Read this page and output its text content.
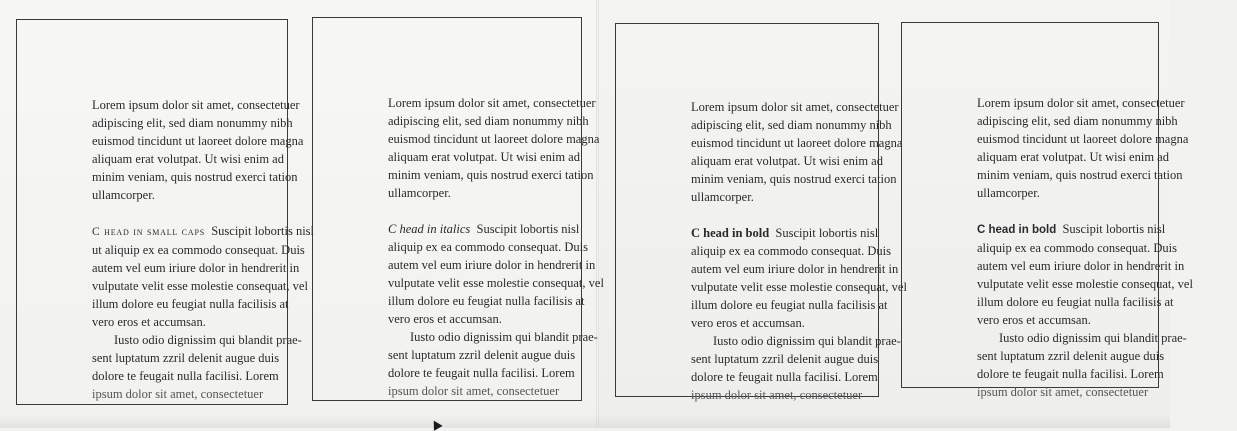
Lorem ipsum dolor sit amet, consectetuer

adipiscing elit, sed diam nonummy nibh

euismod tincidunt ut laoreet dolore magna

aliquam erat volutpat. Ut wisi enim ad

minim veniam, quis nostrud exerci tation

ullamcorper.

C head in small caps Suscipit lobortis nisl

ut aliquip ex ea commodo consequat. Duis

autem vel eum iriure dolor in hendrerit in

vulputate velit esse molestie consequat, vel

illum dolore eu feugiat nulla facilisis at

vero eros et accumsan.

Iusto odio dignissim qui blandit prae-

sent luptatum zzril delenit augue duis

dolore te feugait nulla facilisi. Lorem

ipsum dolor sit amet, consectetuer

Lorem ipsum dolor sit amet, consectetuer

adipiscing elit, sed diam nonummy nibh

euismod tincidunt ut laoreet dolore magna

aliquam erat volutpat. Ut wisi enim ad

minim veniam, quis nostrud exerci tation

ullamcorper.

C head in italics Suscipit lobortis nisl

aliquip ex ea commodo consequat. Duis

autem vel eum iriure dolor in hendrerit in

vulputate velit esse molestie consequat, vel

illum dolore eu feugiat nulla facilisis at

vero eros et accumsan.

Iusto odio dignissim qui blandit prae-

sent luptatum zzril delenit augue duis

dolore te feugait nulla facilisi. Lorem

ipsum dolor sit amet, consectetuer

Lorem ipsum dolor sit amet, consectetuer

adipiscing elit, sed diam nonummy nibh

euismod tincidunt ut laoreet dolore magna

aliquam erat volutpat. Ut wisi enim ad

minim veniam, quis nostrud exerci tation

ullamcorper.

C head in bold Suscipit lobortis nisl

aliquip ex ea commodo consequat. Duis

autem vel eum iriure dolor in hendrerit in

vulputate velit esse molestie consequat, vel

illum dolore eu feugiat nulla facilisis at

vero eros et accumsan.

Iusto odio dignissim qui blandit prae-

sent luptatum zzril delenit augue duis

dolore te feugait nulla facilisi. Lorem

ipsum dolor sit amet, consectetuer

Lorem ipsum dolor sit amet, consectetuer

adipiscing elit, sed diam nonummy nibh

euismod tincidunt ut laoreet dolore magna

aliquam erat volutpat. Ut wisi enim ad

minim veniam, quis nostrud exerci tation

ullamcorper.

C head in bold Suscipit lobortis nisl

aliquip ex ea commodo consequat. Duis

autem vel eum iriure dolor in hendrerit in

vulputate velit esse molestie consequat, vel

illum dolore eu feugiat nulla facilisis at

vero eros et accumsan.

Iusto odio dignissim qui blandit prae-

sent luptatum zzril delenit augue duis

dolore te feugait nulla facilisi. Lorem

ipsum dolor sit amet, consectetuer
